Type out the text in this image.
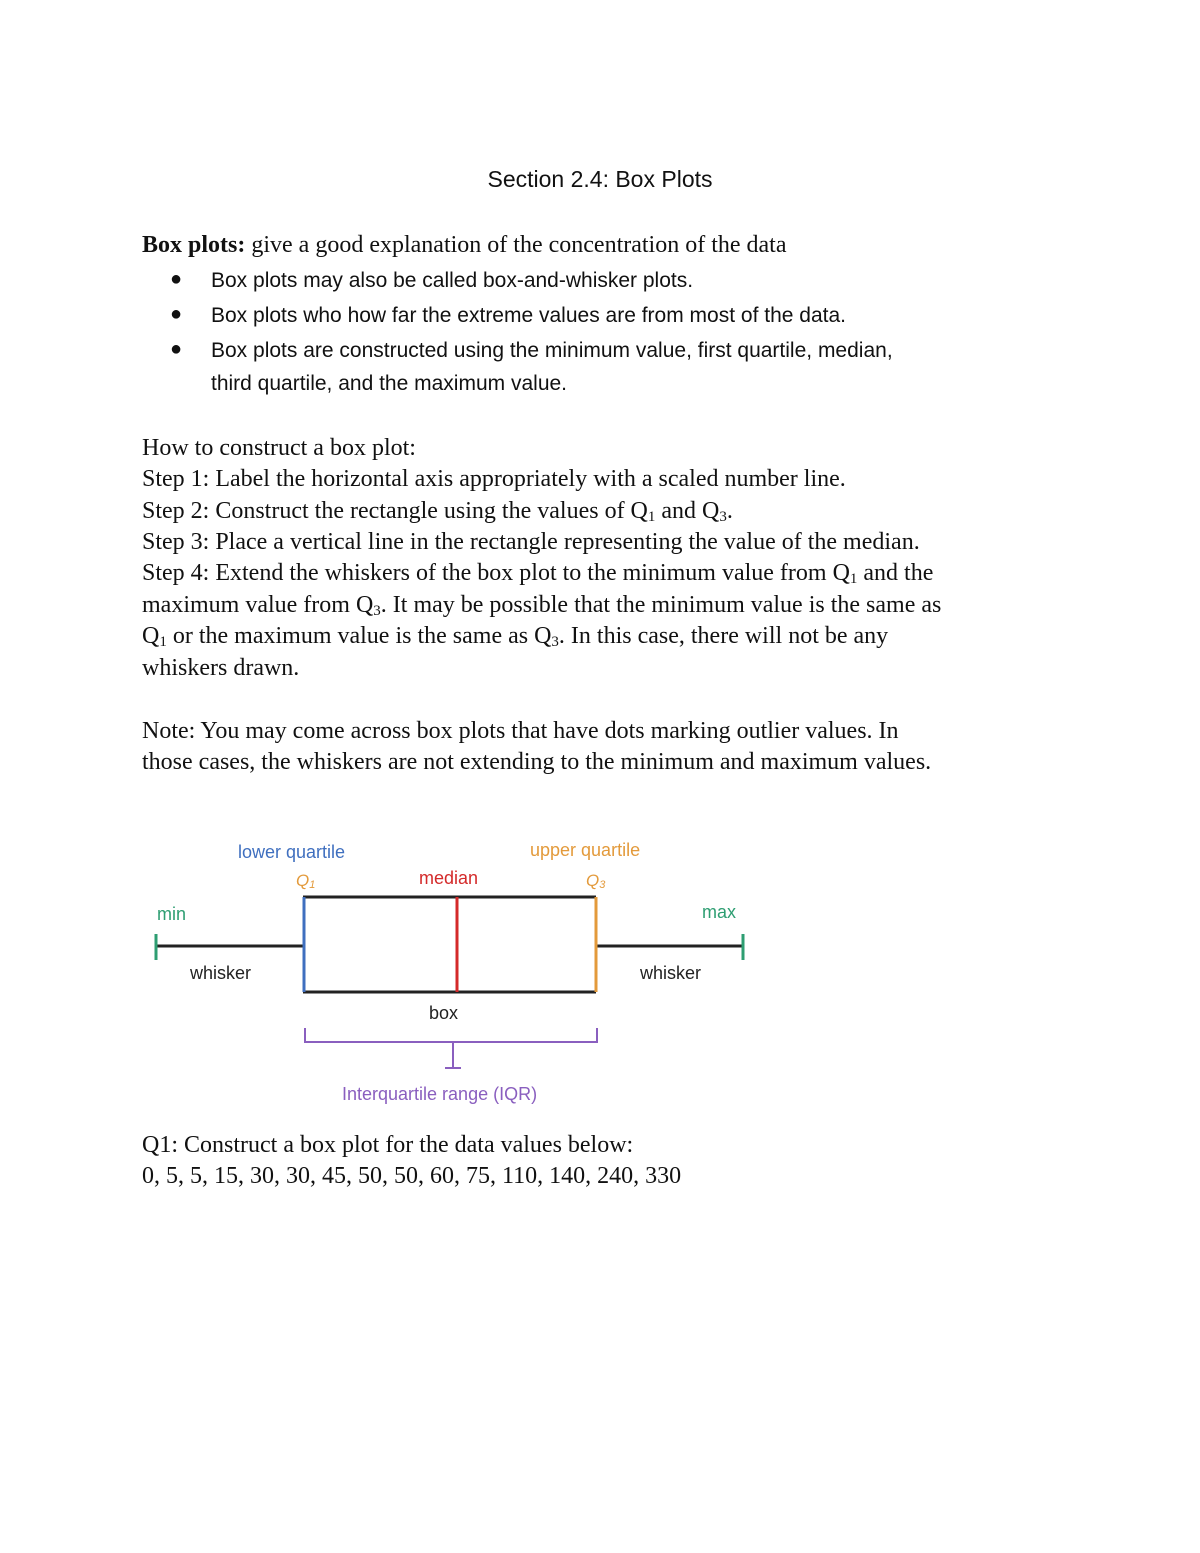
Section 2.4: Box Plots
Box plots: give a good explanation of the concentration of the data
● Box plots may also be called box-and-whisker plots.
● Box plots who how far the extreme values are from most of the data.
● Box plots are constructed using the minimum value, first quartile, median,
third quartile, and the maximum value.
How to construct a box plot:
Step 1: Label the horizontal axis appropriately with a scaled number line.
Step 2: Construct the rectangle using the values of $Q_1$ and $Q_3$.
Step 3: Place a vertical line in the rectangle representing the value of the median.
Step 4: Extend the whiskers of the box plot to the minimum value from $Q_1$ and the
maximum value from $Q_3$. It may be possible that the minimum value is the same as
$Q_1$ or the maximum value is the same as $Q_3$. In this case, there will not be any
whiskers drawn.
Note: You may come across box plots that have dots marking outlier values. In
those cases, the whiskers are not extending to the minimum and maximum values.
lower quartile
Q1	median
upper quartile
Q3
min	max
whisker	whisker
box
Interquartile range (IQR)
Q1: Construct a box plot for the data values below:
0, 5, 5, 15, 30, 30, 45, 50, 50, 60, 75, 110, 140, 240, 330
